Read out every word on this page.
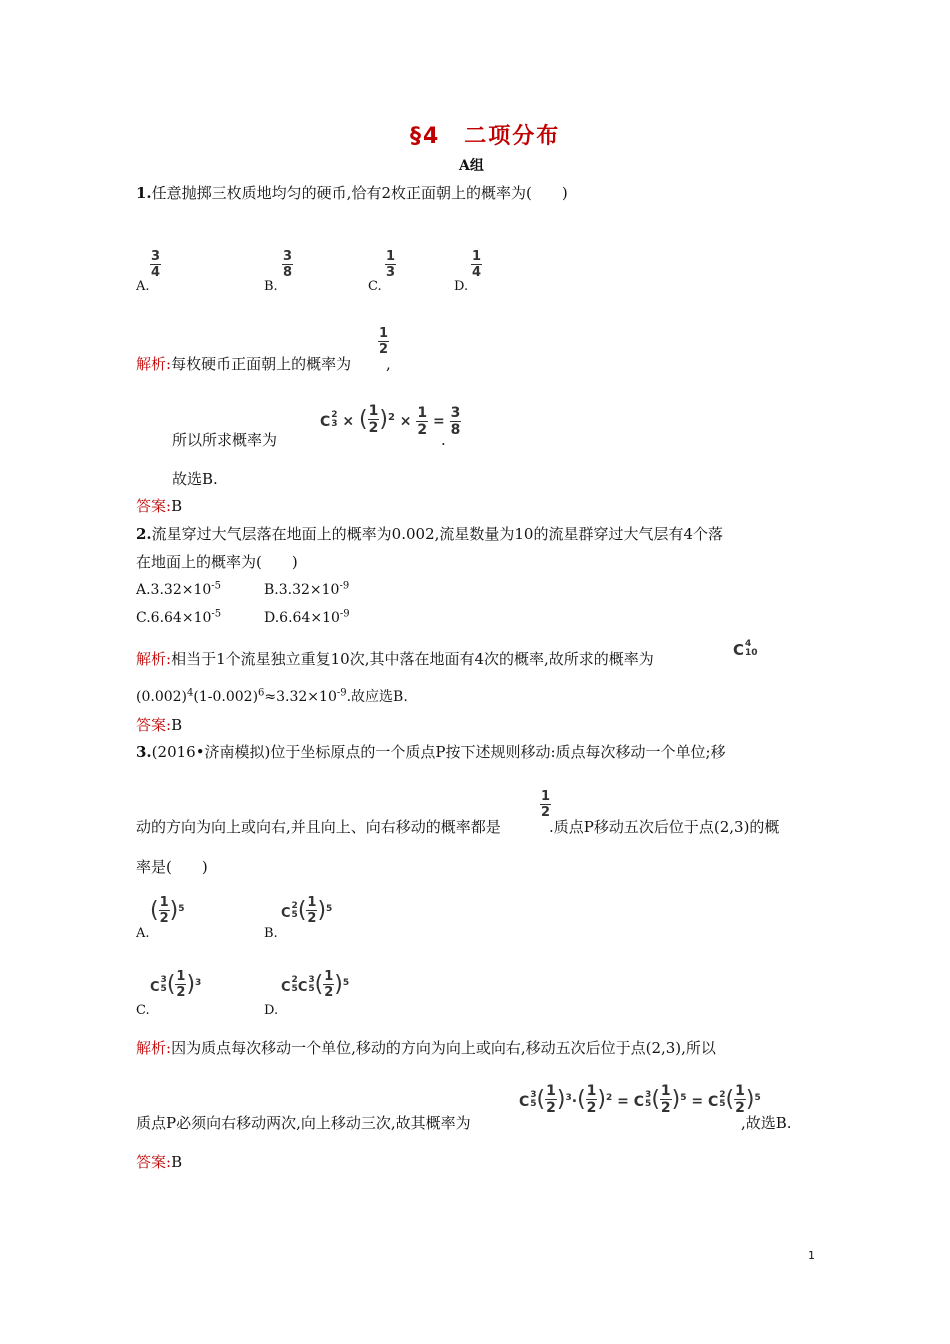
§4　二项分布
A组
1.任意抛掷三枚质地均匀的硬币,恰有2枚正面朝上的概率为(　　)
$\frac{3}{4}$
A.
$\frac{3}{8}$
B.
$\frac{1}{3}$
C.
$\frac{1}{4}$
D.
解析:每枚硬币正面朝上的概率为
$\frac{1}{2}$
,
所以所求概率为
C 2
3 × ( $\frac{1}{2}$ ) $^2 \times \frac{1}{2} = \frac{3}{8}$
.
故选B.
答案:B
2.流星穿过大气层落在地面上的概率为0.002,流星数量为10的流星群穿过大气层有4个落
在地面上的概率为(　　)
$A.3.32\times 10^{-5}$	$B.3.32\times 10^{-9}$
$C.6.64\times 10^{-5}$	$D.6.64\times 10^{-9}$
解析:相当于1个流星独立重复10次,其中落在地面有4次的概率,故所求的概率为	C 4
10
$(0.002)^4(1-0.002)^6\approx 3.32\times 10^{-9}$.故应选B.
答案:B
3.(2016•济南模拟)位于坐标原点的一个质点P按下述规则移动:质点每次移动一个单位;移
动的方向为向上或向右,并且向上、向右移动的概率都是
$\frac{1}{2}$
.质点P移动五次后位于点(2,3)的概
率是(　　)
( $\frac{1}{2}$ ) $^5$
A.
C 2
5 ( $\frac{1}{2}$ ) $^5$
B.
C 3
5 ( $\frac{1}{2}$ ) $^3$
C.
C 2
5 C 3
5 ( $\frac{1}{2}$ ) $^5$
D.
解析:因为质点每次移动一个单位,移动的方向为向上或向右,移动五次后位于点(2,3),所以
质点P必须向右移动两次,向上移动三次,故其概率为
C 3
5 ( $\frac{1}{2}$ ) $^3$· ( $\frac{1}{2}$ ) $^2$ = C 3
5 ( $\frac{1}{2}$ ) $^5$ = C 2
5 ( $\frac{1}{2}$ ) $^5$
,故选B.
答案:B
1
